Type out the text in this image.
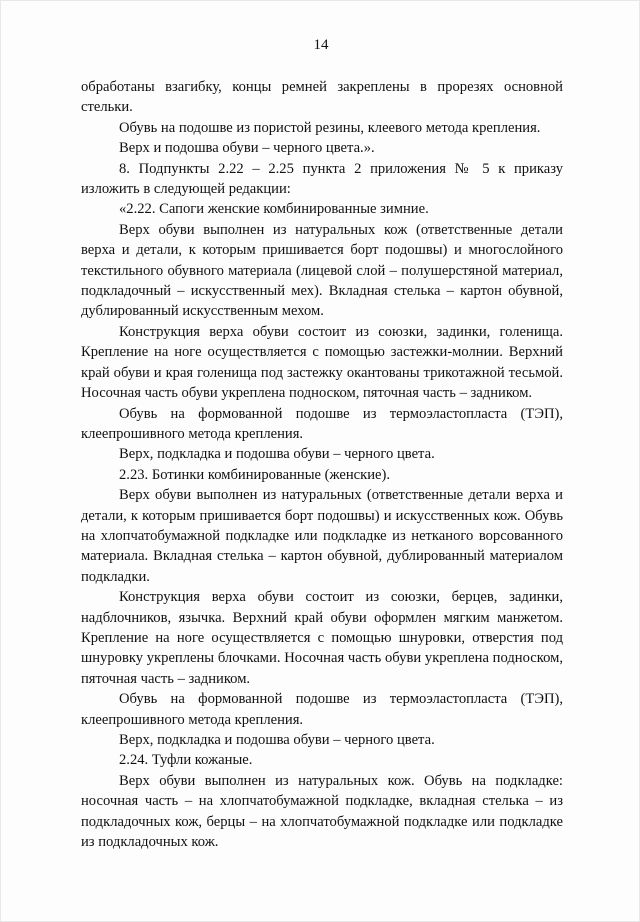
14

обработаны взагибку, концы ремней закреплены в прорезях основной стельки.

Обувь на подошве из пористой резины, клеевого метода крепления.

Верх и подошва обуви – черного цвета.».

8. Подпункты 2.22 – 2.25 пункта 2 приложения № 5 к приказу изложить в следующей редакции:

«2.22. Сапоги женские комбинированные зимние.

Верх обуви выполнен из натуральных кож (ответственные детали верха и детали, к которым пришивается борт подошвы) и многослойного текстильного обувного материала (лицевой слой – полушерстяной материал, подкладочный – искусственный мех). Вкладная стелька – картон обувной, дублированный искусственным мехом.

Конструкция верха обуви состоит из союзки, задинки, голенища. Крепление на ноге осуществляется с помощью застежки-молнии. Верхний край обуви и края голенища под застежку окантованы трикотажной тесьмой. Носочная часть обуви укреплена подноском, пяточная часть – задником.

Обувь на формованной подошве из термоэластопласта (ТЭП), клеепрошивного метода крепления.

Верх, подкладка и подошва обуви – черного цвета.

2.23. Ботинки комбинированные (женские).

Верх обуви выполнен из натуральных (ответственные детали верха и детали, к которым пришивается борт подошвы) и искусственных кож. Обувь на хлопчатобумажной подкладке или подкладке из нетканого ворсованного материала. Вкладная стелька – картон обувной, дублированный материалом подкладки.

Конструкция верха обуви состоит из союзки, берцев, задинки, надблочников, язычка. Верхний край обуви оформлен мягким манжетом. Крепление на ноге осуществляется с помощью шнуровки, отверстия под шнуровку укреплены блочками. Носочная часть обуви укреплена подноском, пяточная часть – задником.

Обувь на формованной подошве из термоэластопласта (ТЭП), клеепрошивного метода крепления.

Верх, подкладка и подошва обуви – черного цвета.

2.24. Туфли кожаные.

Верх обуви выполнен из натуральных кож. Обувь на подкладке: носочная часть – на хлопчатобумажной подкладке, вкладная стелька – из подкладочных кож, берцы – на хлопчатобумажной подкладке или подкладке из подкладочных кож.
